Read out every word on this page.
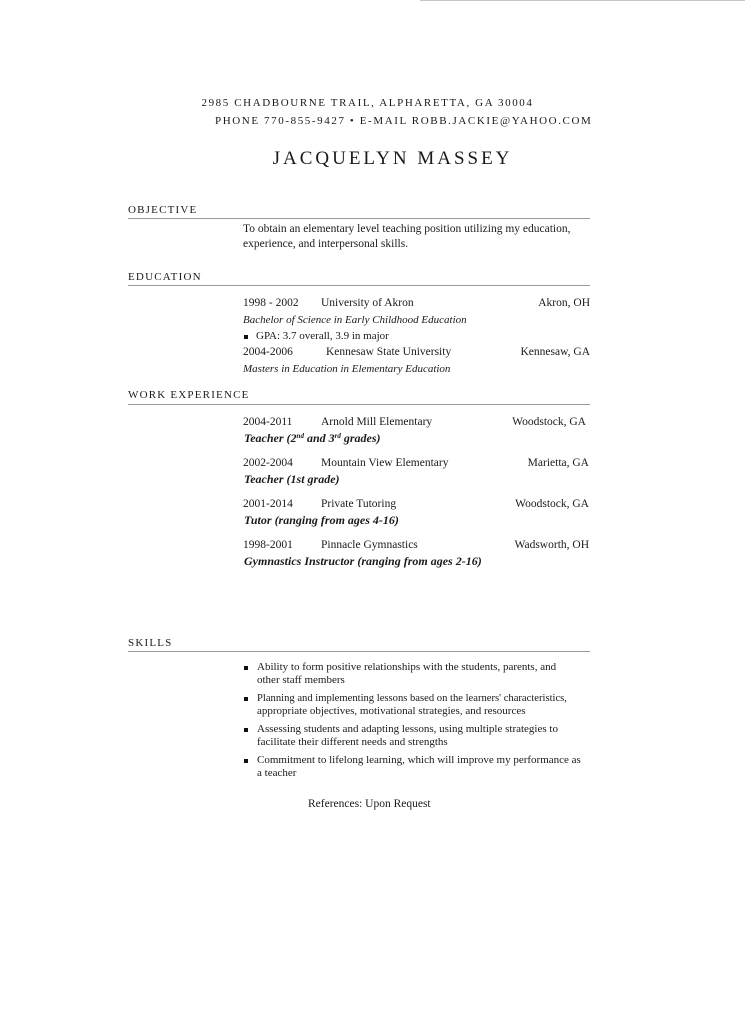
2985 CHADBOURNE TRAIL, ALPHARETTA, GA 30004
PHONE 770-855-9427 • E-MAIL ROBB.JACKIE@YAHOO.COM
JACQUELYN MASSEY
OBJECTIVE
To obtain an elementary level teaching position utilizing my education,
experience, and interpersonal skills.
EDUCATION
1998 - 2002 University of Akron	Akron, OH
Bachelor of Science in Early Childhood Education
GPA: 3.7 overall, 3.9 in major
2004-2006	Kennesaw State University	Kennesaw, GA
Masters in Education in Elementary Education
WORK EXPERIENCE
2004-2011 Arnold Mill Elementary	Woodstock, GA
Teacher (2nd and 3rd grades)
2002-2004 Mountain View Elementary	Marietta, GA
Teacher (1st grade)
2001-2014 Private Tutoring	Woodstock, GA
Tutor (ranging from ages 4-16)
1998-2001 Pinnacle Gymnastics	Wadsworth, OH
Gymnastics Instructor (ranging from ages 2-16)
SKILLS
Ability to form positive relationships with the students, parents, and
other staff members
Planning and implementing lessons based on the learners' characteristics,
appropriate objectives, motivational strategies, and resources
Assessing students and adapting lessons, using multiple strategies to
facilitate their different needs and strengths
Commitment to lifelong learning, which will improve my performance as
a teacher
References: Upon Request
